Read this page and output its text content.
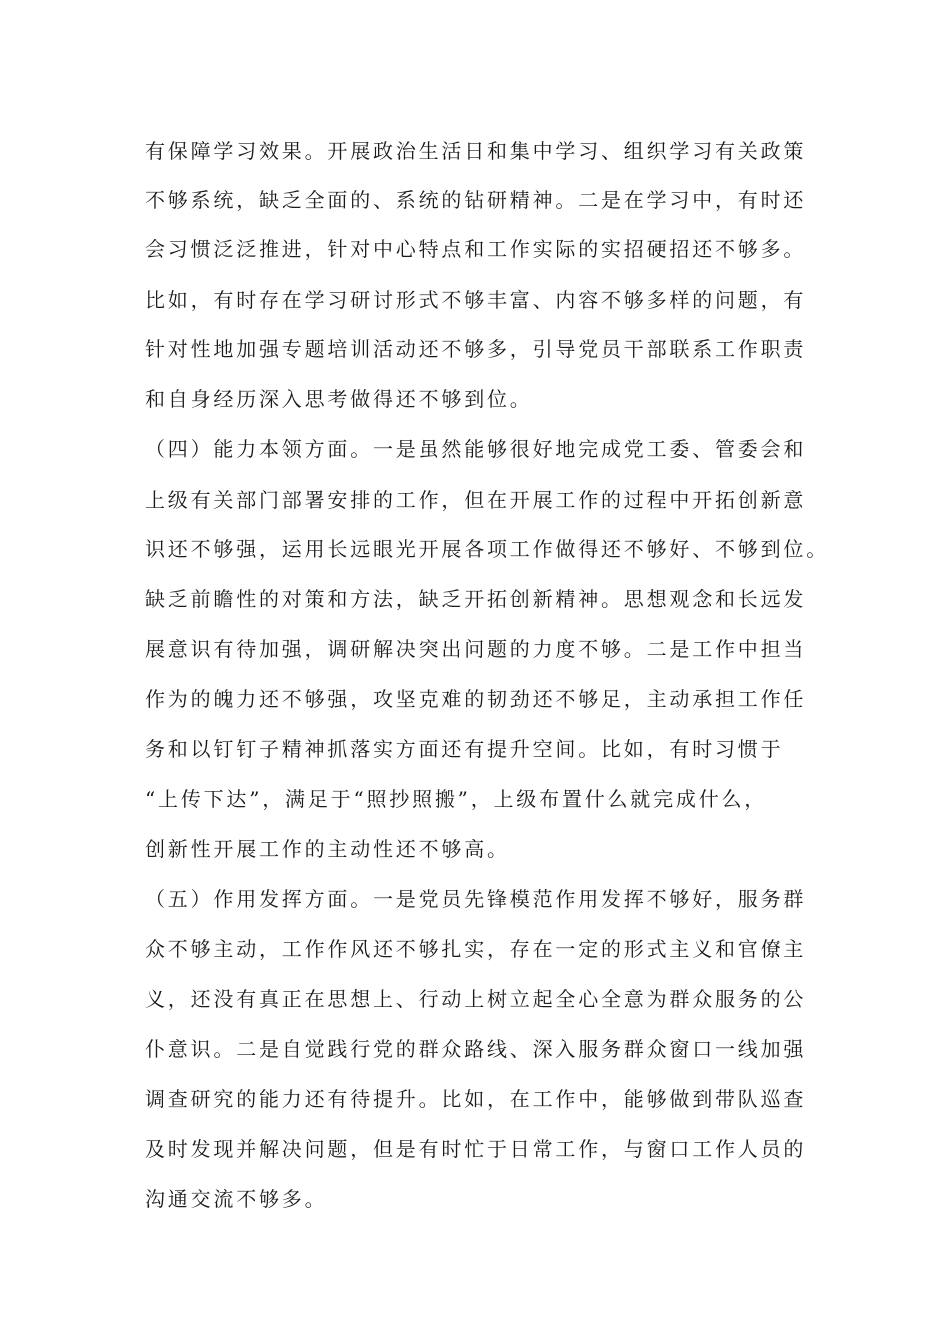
有保障学习效果。开展政治生活日和集中学习、组织学习有关政策
不够系统，缺乏全面的、系统的钻研精神。二是在学习中，有时还
会习惯泛泛推进，针对中心特点和工作实际的实招硬招还不够多。
比如，有时存在学习研讨形式不够丰富、内容不够多样的问题，有
针对性地加强专题培训活动还不够多，引导党员干部联系工作职责
和自身经历深入思考做得还不够到位。
（四）能力本领方面。一是虽然能够很好地完成党工委、管委会和
上级有关部门部署安排的工作，但在开展工作的过程中开拓创新意
识还不够强，运用长远眼光开展各项工作做得还不够好、不够到位。
缺乏前瞻性的对策和方法，缺乏开拓创新精神。思想观念和长远发
展意识有待加强，调研解决突出问题的力度不够。二是工作中担当
作为的魄力还不够强，攻坚克难的韧劲还不够足，主动承担工作任
务和以钉钉子精神抓落实方面还有提升空间。比如，有时习惯于
“上传下达”，满足于“照抄照搬”，上级布置什么就完成什么，
创新性开展工作的主动性还不够高。
（五）作用发挥方面。一是党员先锋模范作用发挥不够好，服务群
众不够主动，工作作风还不够扎实，存在一定的形式主义和官僚主
义，还没有真正在思想上、行动上树立起全心全意为群众服务的公
仆意识。二是自觉践行党的群众路线、深入服务群众窗口一线加强
调查研究的能力还有待提升。比如，在工作中，能够做到带队巡查
及时发现并解决问题，但是有时忙于日常工作，与窗口工作人员的
沟通交流不够多。
